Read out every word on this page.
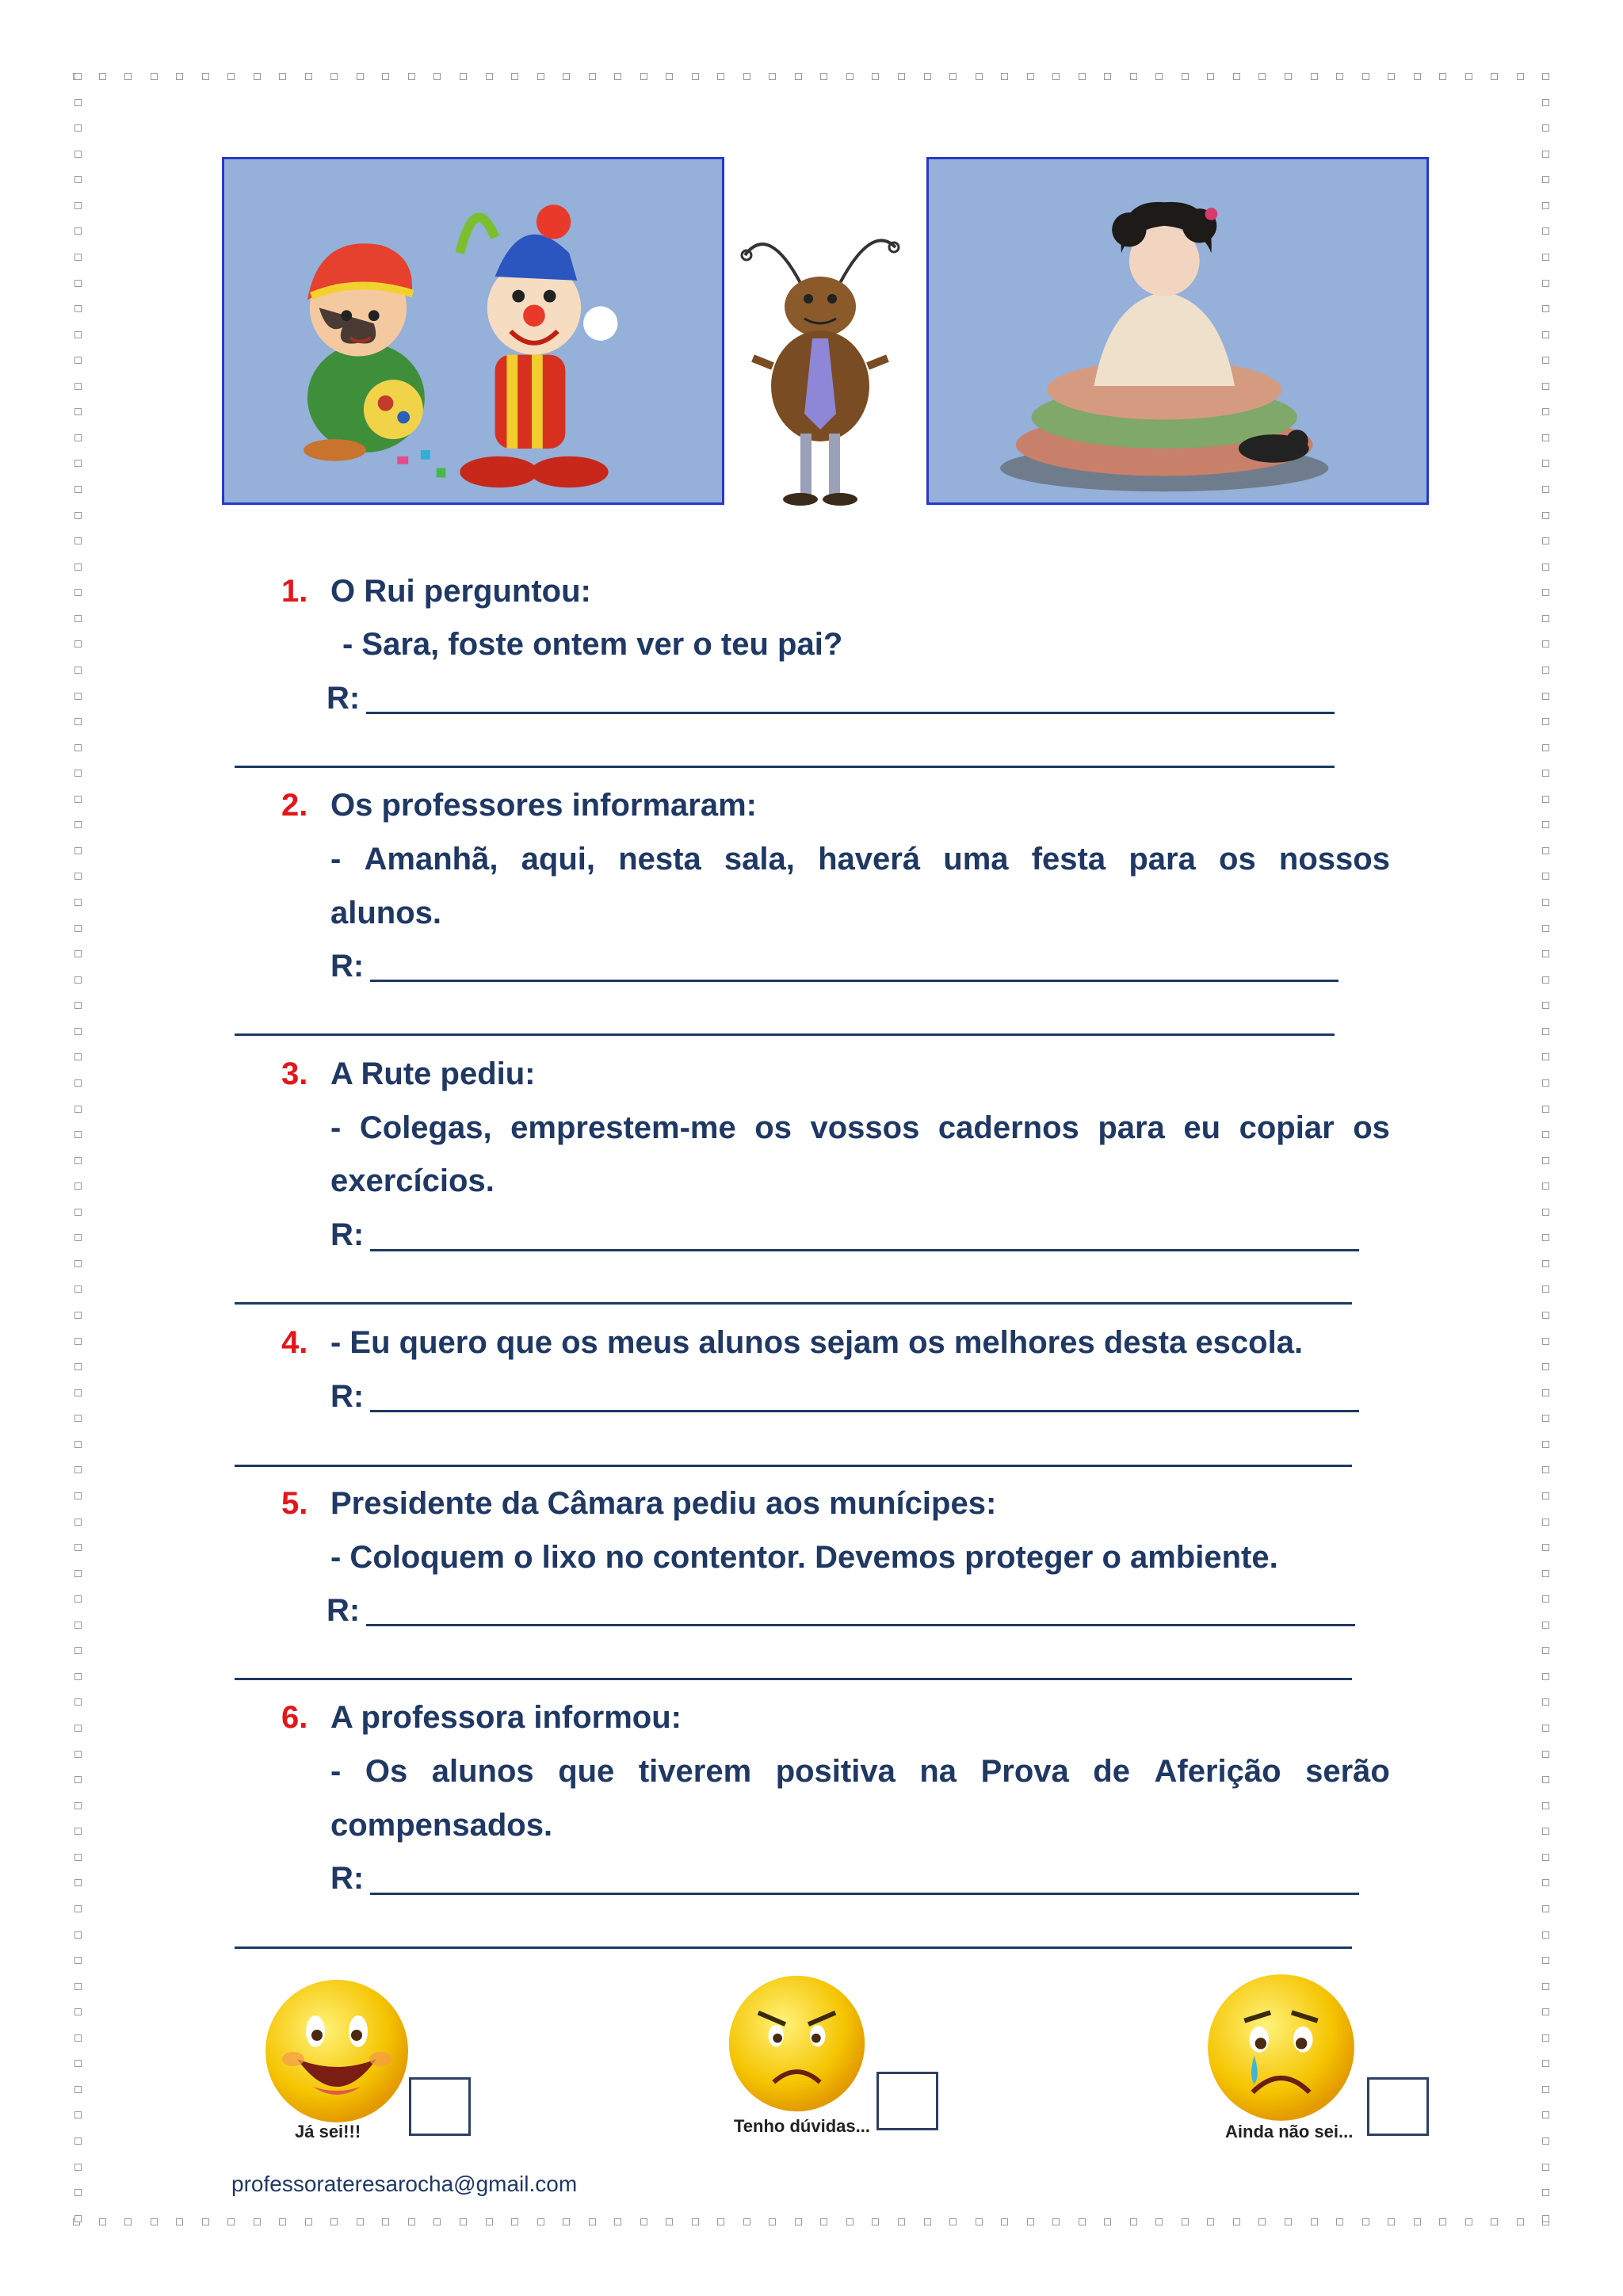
1. O Rui perguntou:
- Sara, foste ontem ver o teu pai?
R:
2. Os professores informaram:
- Amanhã, aqui, nesta sala, haverá uma festa para os nossos
alunos.
R:
3. A Rute pediu:
- Colegas, emprestem-me os vossos cadernos para eu copiar os
exercícios.
R:
4. - Eu quero que os meus alunos sejam os melhores desta escola.
R:
5. Presidente da Câmara pediu aos munícipes:
- Coloquem o lixo no contentor. Devemos proteger o ambiente.
R:
6. A professora informou:
- Os alunos que tiverem positiva na Prova de Aferição serão
compensados.
R:
Já sei!!!	Tenho dúvidas...	Ainda não sei...
professorateresarocha@gmail.com
